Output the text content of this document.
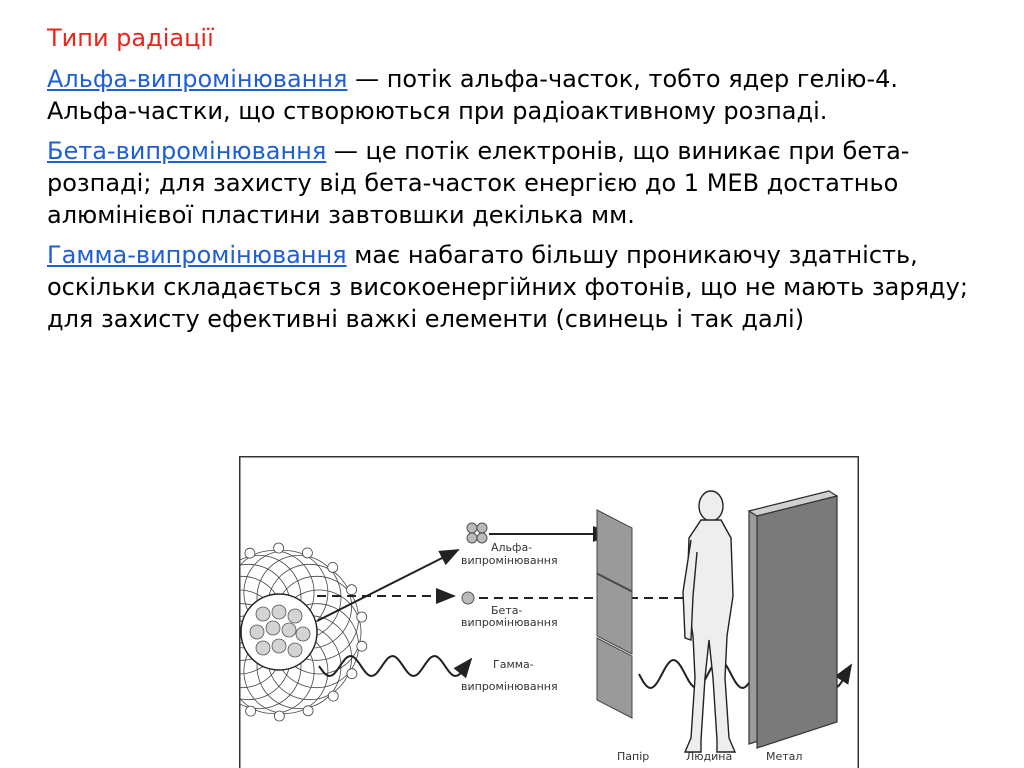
Типи радіації

Альфа-випромінювання — потік альфа-часток, тобто ядер гелію-4. Альфа-частки, що створюються при радіоактивному розпаді.

Бета-випромінювання — це потік електронів, що виникає при бета-розпаді; для захисту від бета-часток енергією до 1 МЕВ достатньо алюмінієвої пластини завтовшки декілька мм.

Гамма-випромінювання має набагато більшу проникаючу здатність, оскільки складається з високоенергійних фотонів, що не мають заряду; для захисту ефективні важкі елементи (свинець і так далі)

Альфа-
випромінювання
Бета-
випромінювання
Гамма-
випромінювання
Папір	Людина	Метал
